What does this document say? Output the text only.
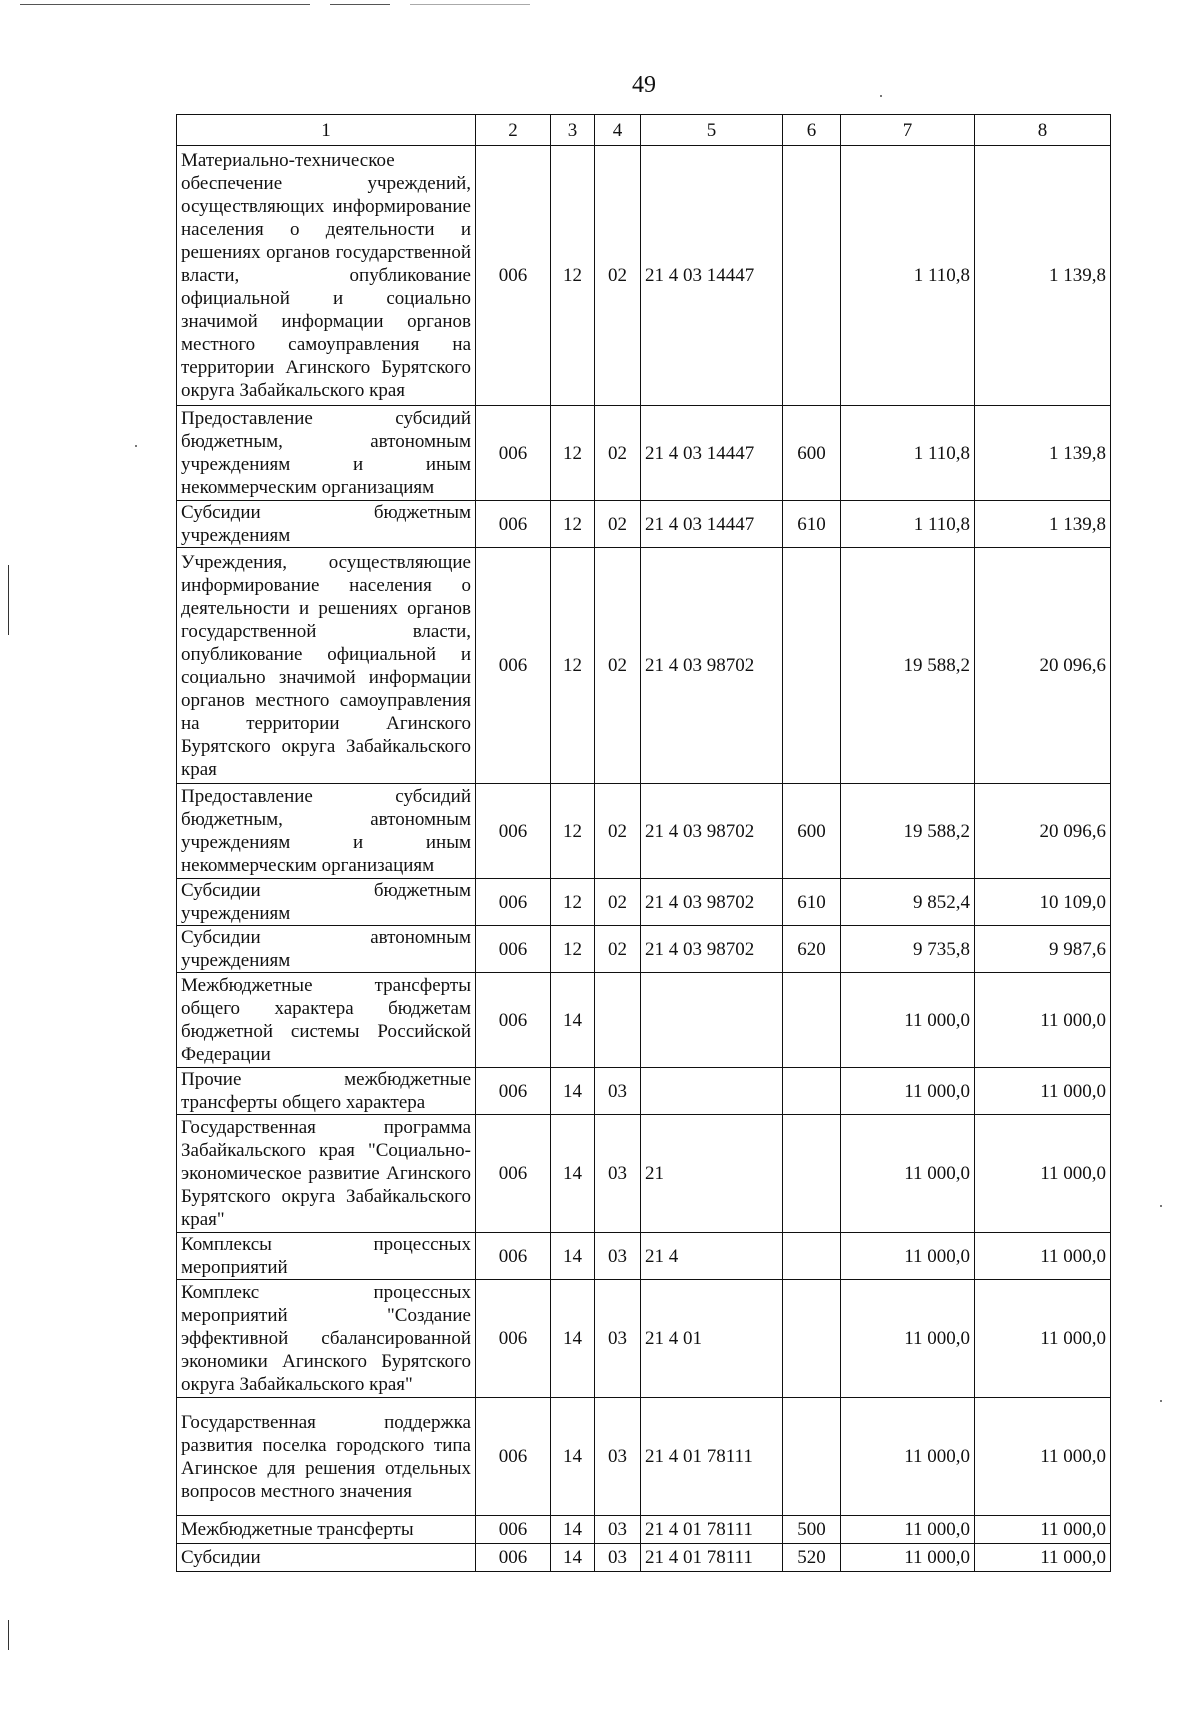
49
1	2	3	4	5	6	7	8
Материально-техническое обеспечение учреждений, осуществляющих информирование населения о деятельности и решениях органов государственной власти, опубликование официальной и социально значимой информации органов местного самоуправления на территории Агинского Бурятского округа Забайкальского края	006	12	02	21 4 03 14447		1 110,8	1 139,8
Предоставление субсидий бюджетным, автономным учреждениям и иным некоммерческим организациям	006	12	02	21 4 03 14447	600	1 110,8	1 139,8
Субсидии бюджетным учреждениям	006	12	02	21 4 03 14447	610	1 110,8	1 139,8
Учреждения, осуществляющие информирование населения о деятельности и решениях органов государственной власти, опубликование официальной и социально значимой информации органов местного самоуправления на территории Агинского Бурятского округа Забайкальского края	006	12	02	21 4 03 98702		19 588,2	20 096,6
Предоставление субсидий бюджетным, автономным учреждениям и иным некоммерческим организациям	006	12	02	21 4 03 98702	600	19 588,2	20 096,6
Субсидии бюджетным учреждениям	006	12	02	21 4 03 98702	610	9 852,4	10 109,0
Субсидии автономным учреждениям	006	12	02	21 4 03 98702	620	9 735,8	9 987,6
Межбюджетные трансферты общего характера бюджетам бюджетной системы Российской Федерации	006	14				11 000,0	11 000,0
Прочие межбюджетные трансферты общего характера	006	14	03			11 000,0	11 000,0
Государственная программа Забайкальского края "Социально-экономическое развитие Агинского Бурятского округа Забайкальского края"	006	14	03	21		11 000,0	11 000,0
Комплексы процессных мероприятий	006	14	03	21 4		11 000,0	11 000,0
Комплекс процессных мероприятий "Создание эффективной сбалансированной экономики Агинского Бурятского округа Забайкальского края"	006	14	03	21 4 01		11 000,0	11 000,0
Государственная поддержка развития поселка городского типа Агинское для решения отдельных вопросов местного значения	006	14	03	21 4 01 78111		11 000,0	11 000,0
Межбюджетные трансферты	006	14	03	21 4 01 78111	500	11 000,0	11 000,0
Субсидии	006	14	03	21 4 01 78111	520	11 000,0	11 000,0
